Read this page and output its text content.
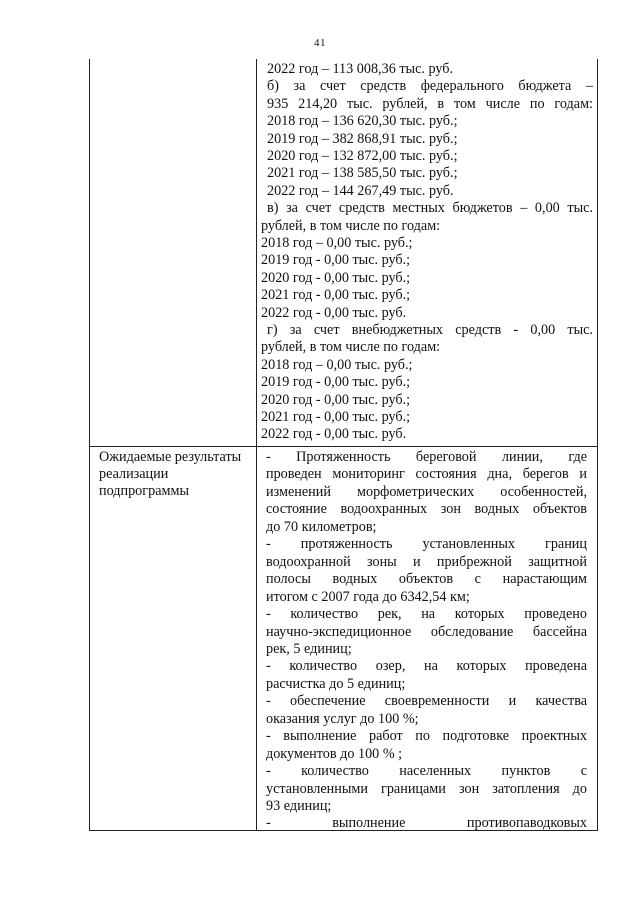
41
2022 год – 113 008,36 тыс. руб.
б) за счет средств федерального бюджета –
935 214,20 тыс. рублей, в том числе по годам:
2018 год – 136 620,30 тыс. руб.;
2019 год – 382 868,91 тыс. руб.;
2020 год – 132 872,00 тыс. руб.;
2021 год – 138 585,50 тыс. руб.;
2022 год – 144 267,49 тыс. руб.
в) за счет средств местных бюджетов – 0,00 тыс.
рублей, в том числе по годам:
2018 год – 0,00 тыс. руб.;
2019 год - 0,00 тыс. руб.;
2020 год - 0,00 тыс. руб.;
2021 год - 0,00 тыс. руб.;
2022 год - 0,00 тыс. руб.
г) за счет внебюджетных средств - 0,00 тыс.
рублей, в том числе по годам:
2018 год – 0,00 тыс. руб.;
2019 год - 0,00 тыс. руб.;
2020 год - 0,00 тыс. руб.;
2021 год - 0,00 тыс. руб.;
2022 год - 0,00 тыс. руб.
Ожидаемые результаты
реализации
подпрограммы
- Протяженность береговой линии, где
проведен мониторинг состояния дна, берегов и
изменений морфометрических особенностей,
состояние водоохранных зон водных объектов
до 70 километров;
- протяженность установленных границ
водоохранной зоны и прибрежной защитной
полосы водных объектов с нарастающим
итогом с 2007 года до 6342,54 км;
- количество рек, на которых проведено
научно-экспедиционное обследование бассейна
рек, 5 единиц;
- количество озер, на которых проведена
расчистка до 5 единиц;
- обеспечение своевременности и качества
оказания услуг до 100 %;
- выполнение работ по подготовке проектных
документов до 100 % ;
- количество населенных пунктов с
установленными границами зон затопления до
93 единиц;
- выполнение противопаводковых
